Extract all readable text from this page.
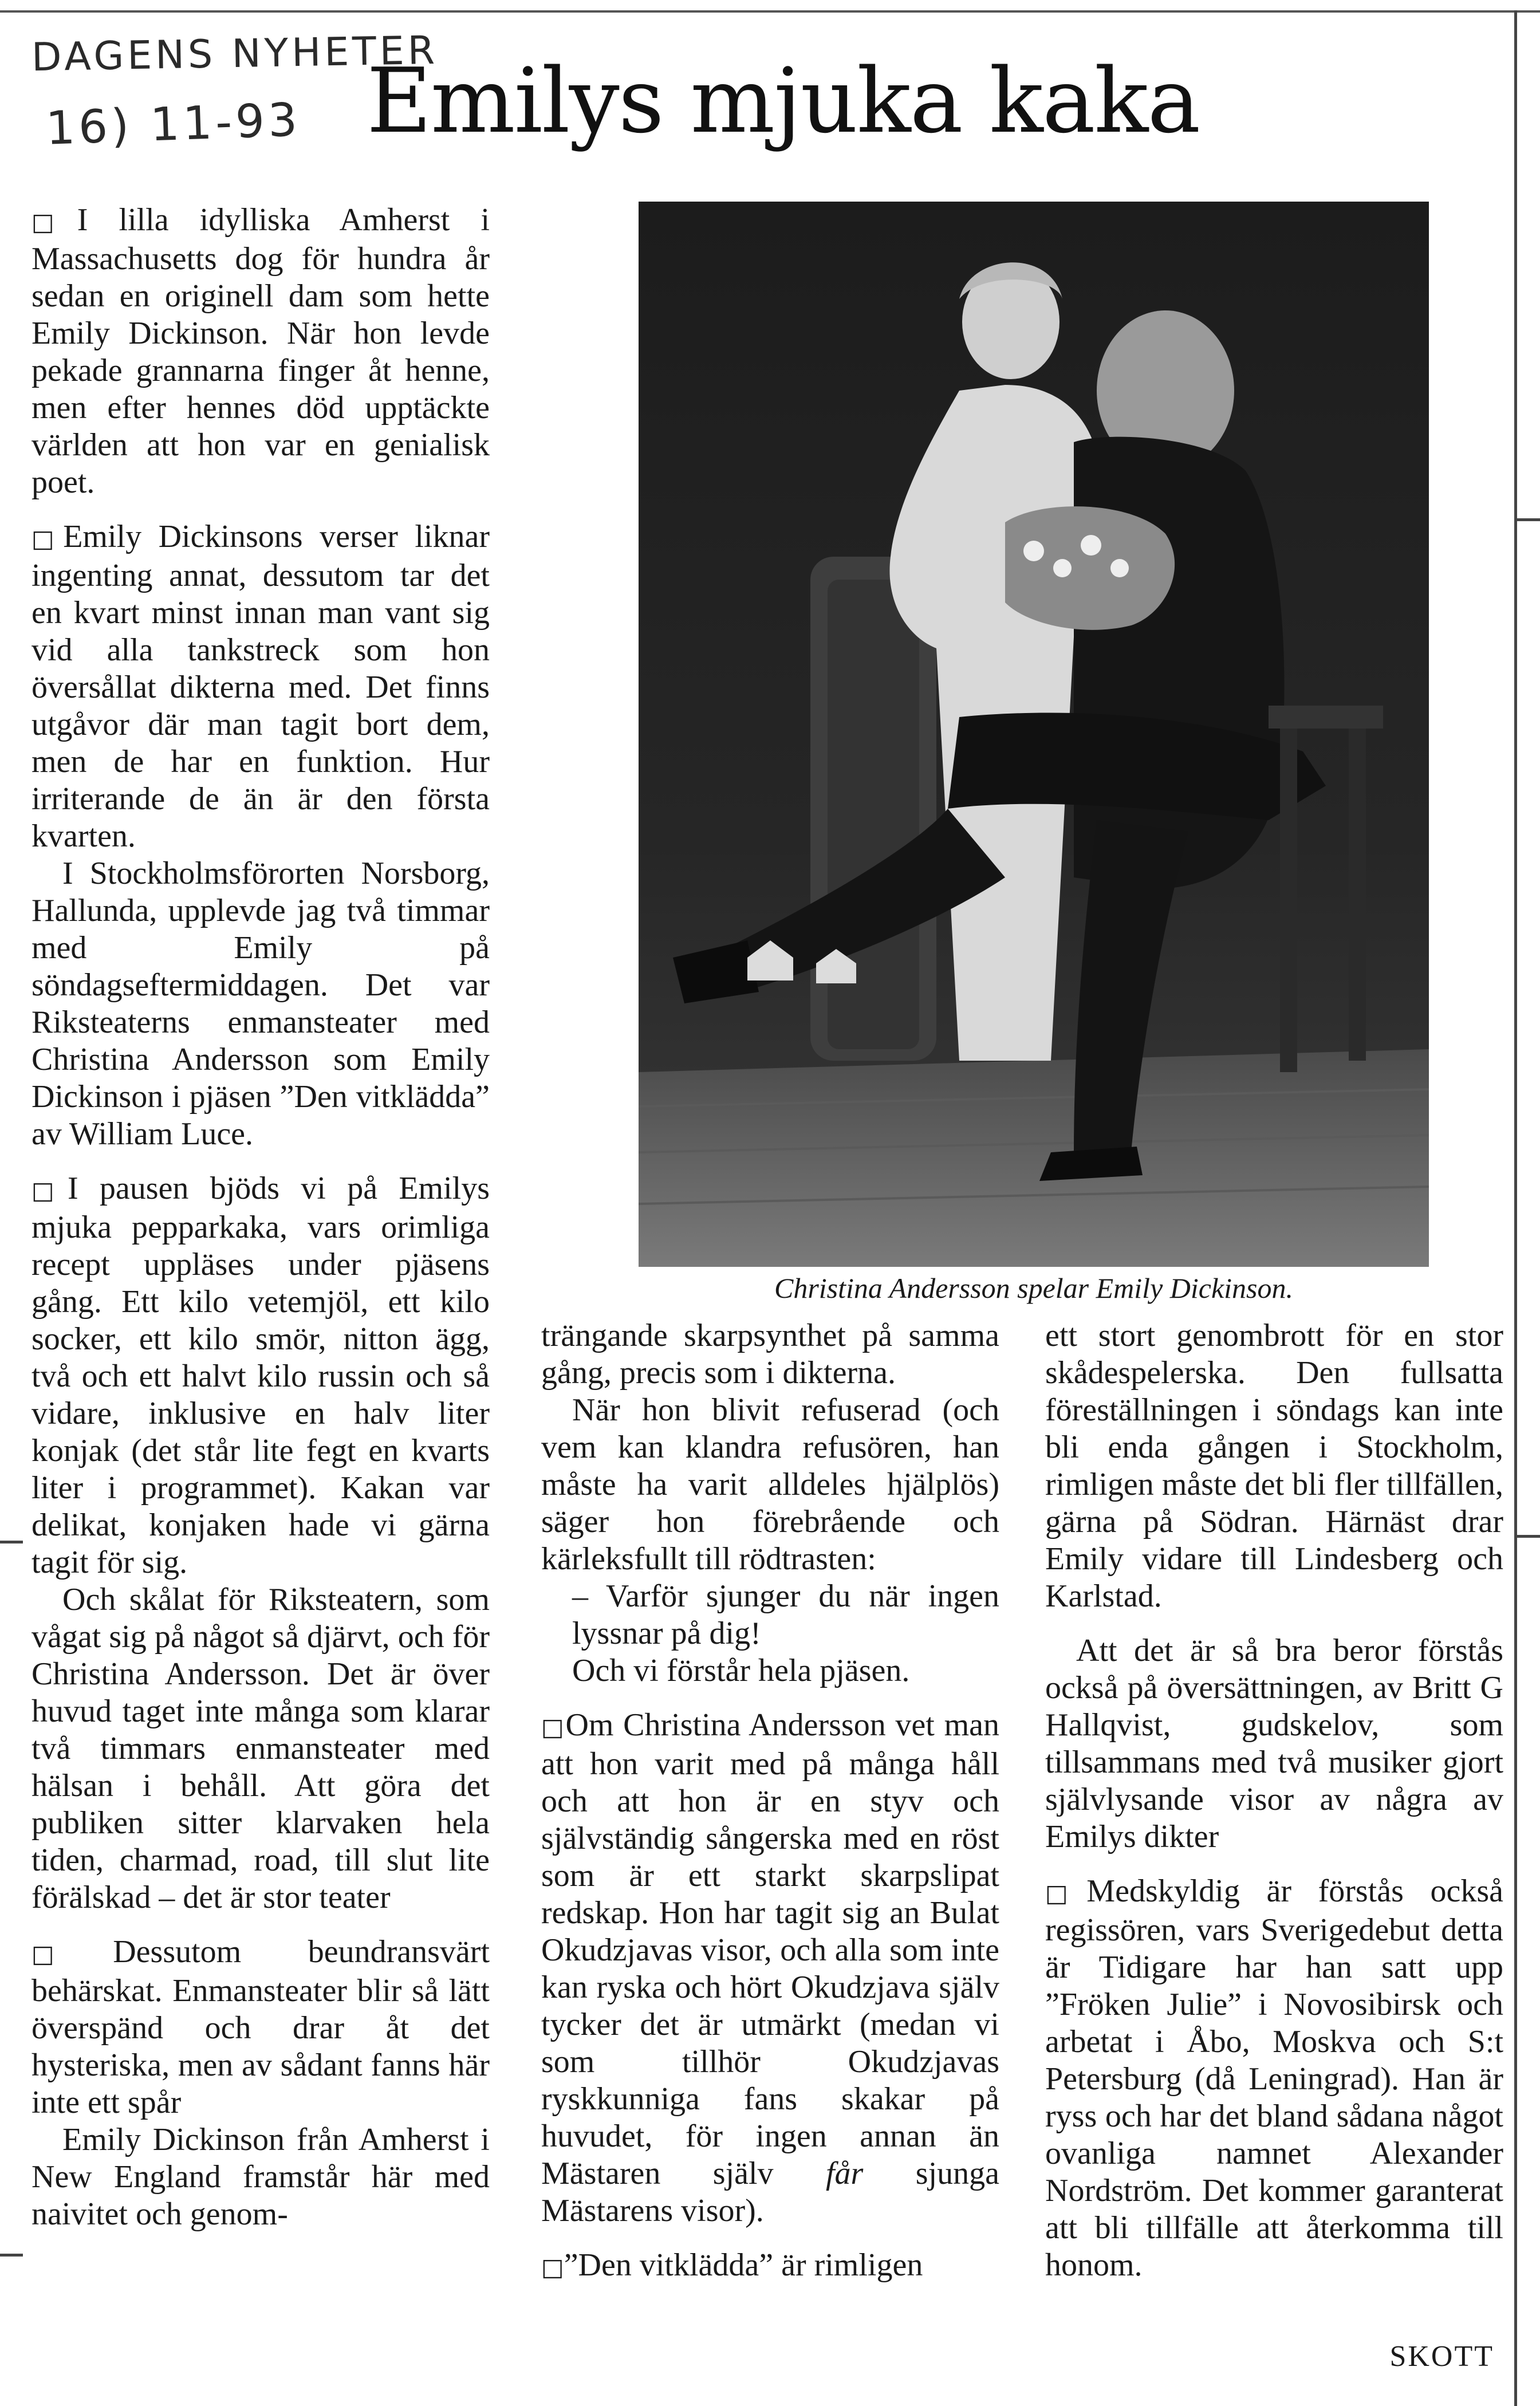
DAGENS NYHETER
16) 11-93 Emilys mjuka kaka

□I lilla idylliska Amherst i Massachusetts dog för hundra år sedan en originell dam som hette Emily Dickinson. När hon levde pekade grannarna finger åt henne, men efter hennes död upptäckte världen att hon var en genialisk poet.

□Emily Dickinsons verser liknar ingenting annat, dessutom tar det en kvart minst innan man vant sig vid alla tankstreck som hon översållat dikterna med. Det finns utgåvor där man tagit bort dem, men de har en funktion. Hur irriterande de än är den första kvarten.

I Stockholmsförorten Norsborg, Hallunda, upplevde jag två timmar med Emily på söndagseftermiddagen. Det var Riksteaterns enmansteater med Christina Andersson som Emily Dickinson i pjäsen ”Den vitklädda” av William Luce.

□I pausen bjöds vi på Emilys mjuka pepparkaka, vars orimliga recept uppläses under pjäsens gång. Ett kilo vetemjöl, ett kilo socker, ett kilo smör, nitton ägg, två och ett halvt kilo russin och så vidare, inklusive en halv liter konjak (det står lite fegt en kvarts liter i programmet). Kakan var delikat, konjaken hade vi gärna tagit för sig.

Och skålat för Riksteatern, som vågat sig på något så djärvt, och för Christina Andersson. Det är över huvud taget inte många som klarar två timmars enmansteater med hälsan i behåll. Att göra det publiken sitter klarvaken hela tiden, charmad, road, till slut lite förälskad – det är stor teater

□Dessutom beundransvärt behärskat. Enmansteater blir så lätt överspänd och drar åt det hysteriska, men av sådant fanns här inte ett spår

Emily Dickinson från Amherst i New England framstår här med naivitet och genom-

Christina Andersson spelar Emily Dickinson.

trängande skarpsynthet på samma gång, precis som i dikterna.

När hon blivit refuserad (och vem kan klandra refusören, han måste ha varit alldeles hjälplös) säger hon förebrående och kärleksfullt till rödtrasten:

– Varför sjunger du när ingen lyssnar på dig!

Och vi förstår hela pjäsen.

□Om Christina Andersson vet man att hon varit med på många håll och att hon är en styv och självständig sångerska med en röst som är ett starkt skarpslipat redskap. Hon har tagit sig an Bulat Okudzjavas visor, och alla som inte kan ryska och hört Okudzjava själv tycker det är utmärkt (medan vi som tillhör Okudzjavas ryskkunniga fans skakar på huvudet, för ingen annan än Mästaren själv får sjunga Mästarens visor).

□”Den vitklädda” är rimligen

ett stort genombrott för en stor skådespelerska. Den fullsatta föreställningen i söndags kan inte bli enda gången i Stockholm, rimligen måste det bli fler tillfällen, gärna på Södran. Härnäst drar Emily vidare till Lindesberg och Karlstad.

Att det är så bra beror förstås också på översättningen, av Britt G Hallqvist, gudskelov, som tillsammans med två musiker gjort självlysande visor av några av Emilys dikter

□Medskyldig är förstås också regissören, vars Sverigedebut detta är Tidigare har han satt upp ”Fröken Julie” i Novosibirsk och arbetat i Åbo, Moskva och S:t Petersburg (då Leningrad). Han är ryss och har det bland sådana något ovanliga namnet Alexander Nordström. Det kommer garanterat att bli tillfälle att återkomma till honom.

SKOTT
